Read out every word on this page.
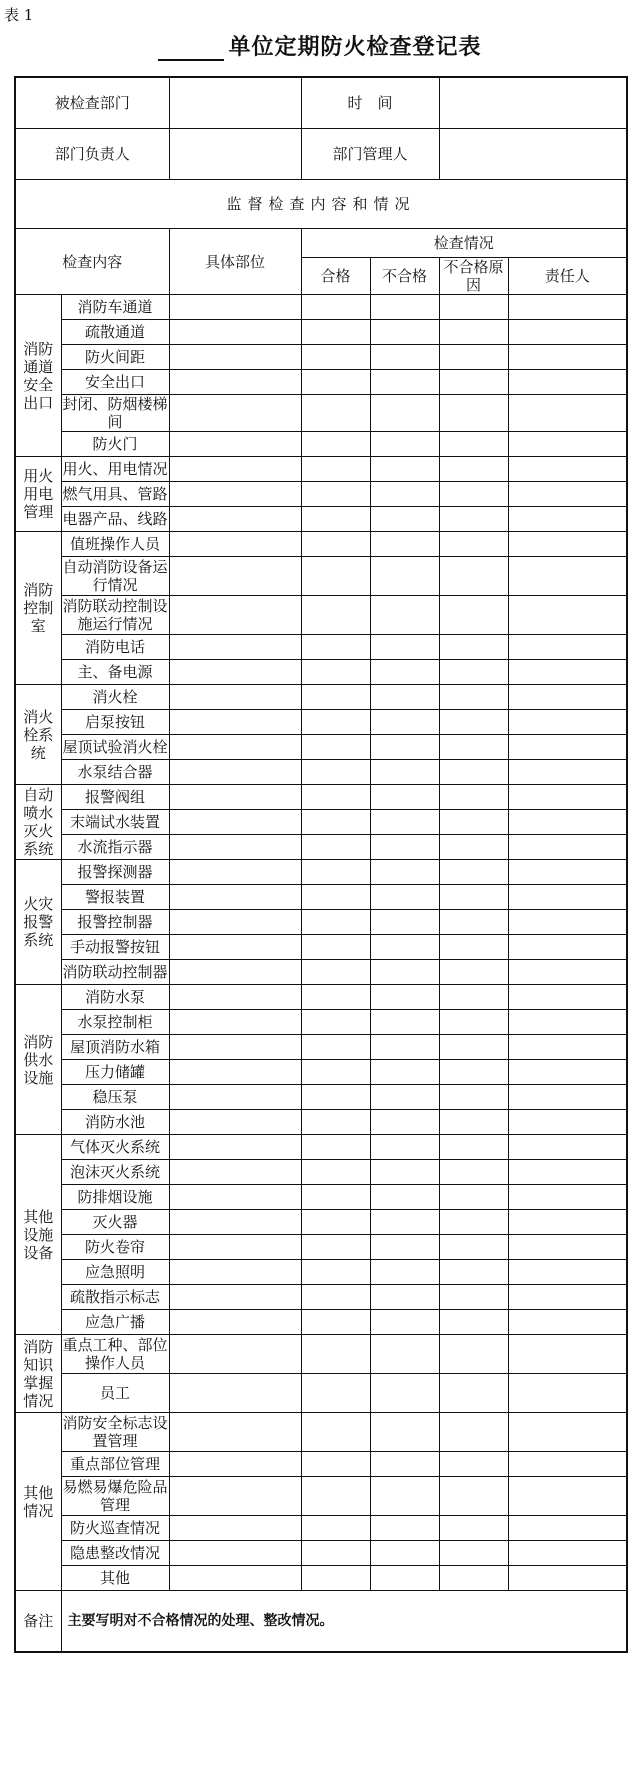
表 1
单位定期防火检查登记表
被检查部门			时　间			
部门负责人			部门管理人			
监督检查内容和情况						
检查内容		具体部位	检查情况			
			合格	不合格	不合格原因	责任人
消防通道安全出口	消防车通道					
	疏散通道					
	防火间距					
	安全出口					
	封闭、防烟楼梯间					
	防火门					
用火用电管理	用火、用电情况					
	燃气用具、管路					
	电器产品、线路					
消防控制室	值班操作人员					
	自动消防设备运行情况					
	消防联动控制设施运行情况					
	消防电话					
	主、备电源					
消火栓系统	消火栓					
	启泵按钮					
	屋顶试验消火栓					
	水泵结合器					
自动喷水灭火系统	报警阀组					
	末端试水装置					
	水流指示器					
火灾报警系统	报警探测器					
	警报装置					
	报警控制器					
	手动报警按钮					
	消防联动控制器					
消防供水设施	消防水泵					
	水泵控制柜					
	屋顶消防水箱					
	压力储罐					
	稳压泵					
	消防水池					
其他设施设备	气体灭火系统					
	泡沫灭火系统					
	防排烟设施					
	灭火器					
	防火卷帘					
	应急照明					
	疏散指示标志					
	应急广播					
消防知识掌握情况	重点工种、部位操作人员					
	员工					
其他情况	消防安全标志设置管理					
	重点部位管理					
	易燃易爆危险品管理					
	防火巡查情况					
	隐患整改情况					
	其他					
备注	主要写明对不合格情况的处理、整改情况。					
